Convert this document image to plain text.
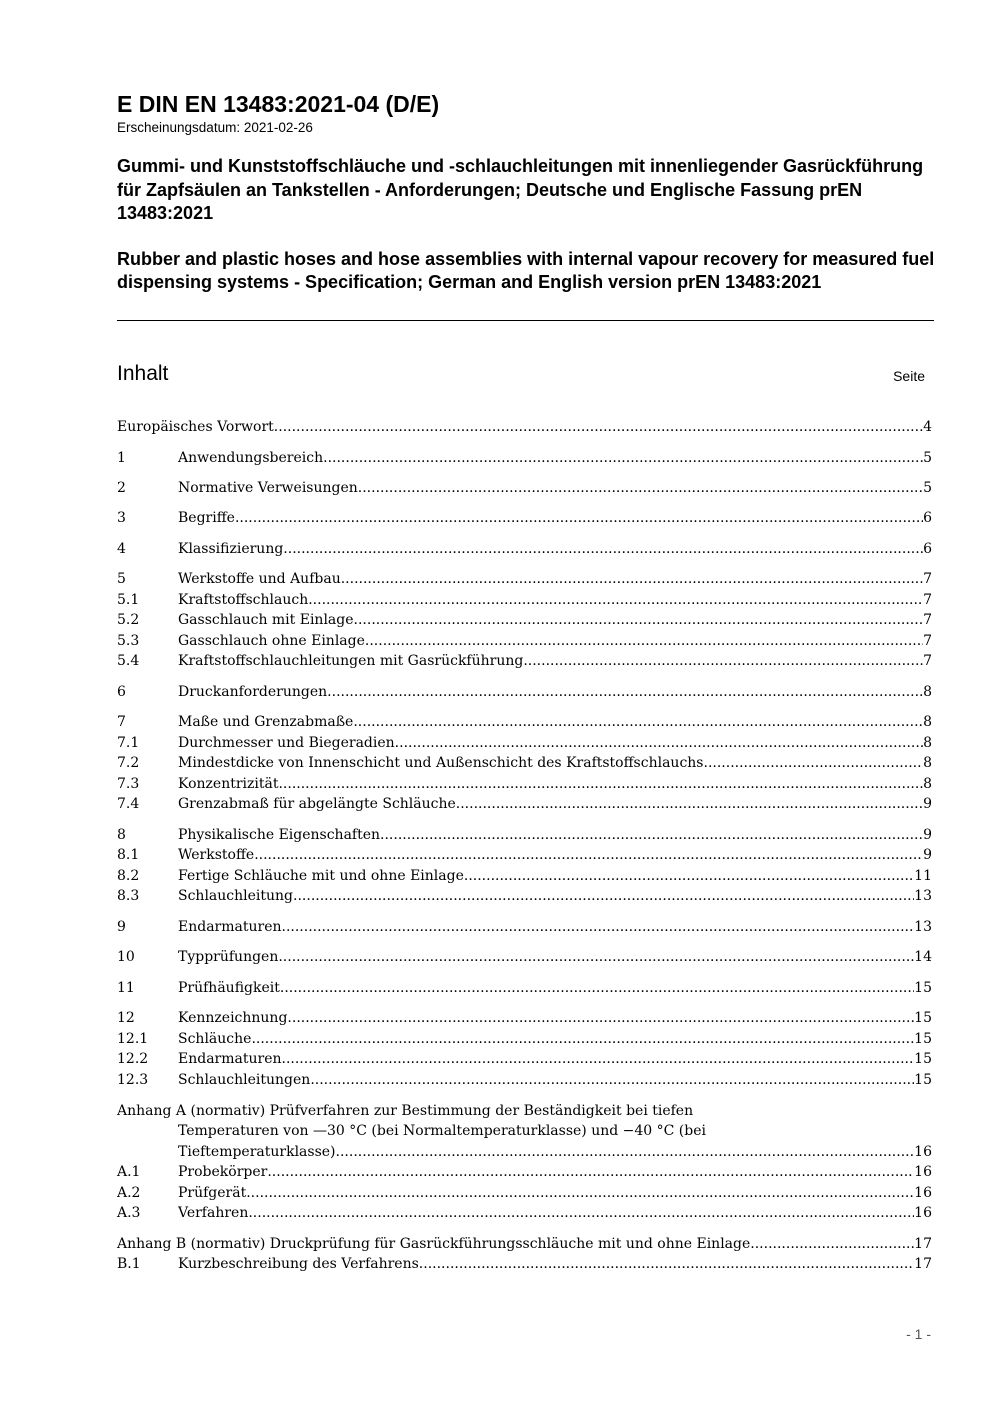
E DIN EN 13483:2021-04 (D/E)

Erscheinungsdatum: 2021-02-26

Gummi- und Kunststoffschläuche und -schlauchleitungen mit innenliegender Gasrückführung für Zapfsäulen an Tankstellen - Anforderungen; Deutsche und Englische Fassung prEN 13483:2021

Rubber and plastic hoses and hose assemblies with internal vapour recovery for measured fuel dispensing systems - Specification; German and English version prEN 13483:2021

Inhalt	Seite
Europäisches Vorwort .....	4
1	Anwendungsbereich .....	5
2	Normative Verweisungen .....	5
3	Begriffe .....	6
4	Klassifizierung .....	6
5	Werkstoffe und Aufbau .....	7
5.1	Kraftstoffschlauch .....	7
5.2	Gasschlauch mit Einlage .....	7
5.3	Gasschlauch ohne Einlage .....	7
5.4	Kraftstoffschlauchleitungen mit Gasrückführung .....	7
6	Druckanforderungen .....	8
7	Maße und Grenzabmaße .....	8
7.1	Durchmesser und Biegeradien .....	8
7.2	Mindestdicke von Innenschicht und Außenschicht des Kraftstoffschlauchs .....	8
7.3	Konzentrizität .....	8
7.4	Grenzabmaß für abgelängte Schläuche .....	9
8	Physikalische Eigenschaften .....	9
8.1	Werkstoffe .....	9
8.2	Fertige Schläuche mit und ohne Einlage .....	11
8.3	Schlauchleitung .....	13
9	Endarmaturen .....	13
10	Typprüfungen .....	14
11	Prüfhäufigkeit .....	15
12	Kennzeichnung .....	15
12.1 Schläuche .....	15
12.2 Endarmaturen .....	15
12.3 Schlauchleitungen .....	15
Anhang A (normativ) Prüfverfahren zur Bestimmung der Beständigkeit bei tiefen
Temperaturen von —30 °C (bei Normaltemperaturklasse) und −40 °C (bei
Tieftemperaturklasse) .....	16
A.1	Probekörper .....	16
A.2	Prüfgerät .....	16
A.3	Verfahren .....	16
Anhang B (normativ) Druckprüfung für Gasrückführungsschläuche mit und ohne Einlage .....	17
B.1	Kurzbeschreibung des Verfahrens .....	17
- 1 -
